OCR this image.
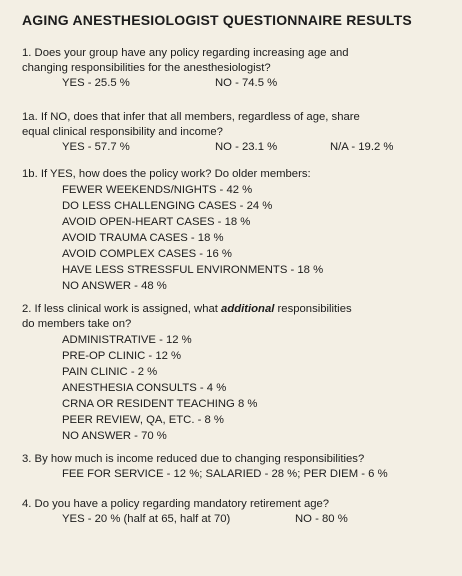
AGING ANESTHESIOLOGIST QUESTIONNAIRE RESULTS
1. Does your group have any policy regarding increasing age and
changing responsibilities for the anesthesiologist?
YES - 25.5 %	NO - 74.5 %
1a. If NO, does that infer that all members, regardless of age, share
equal clinical responsibility and income?
YES - 57.7 %	NO - 23.1 %	N/A - 19.2 %
1b. If YES, how does the policy work? Do older members:
FEWER WEEKENDS/NIGHTS - 42 %
DO LESS CHALLENGING CASES - 24 %
AVOID OPEN-HEART CASES - 18 %
AVOID TRAUMA CASES - 18 %
AVOID COMPLEX CASES - 16 %
HAVE LESS STRESSFUL ENVIRONMENTS - 18 %
NO ANSWER - 48 %
2. If less clinical work is assigned, what additional responsibilities
do members take on?
ADMINISTRATIVE - 12 %
PRE-OP CLINIC - 12 %
PAIN CLINIC - 2 %
ANESTHESIA CONSULTS - 4 %
CRNA OR RESIDENT TEACHING 8 %
PEER REVIEW, QA, ETC. - 8 %
NO ANSWER - 70 %
3. By how much is income reduced due to changing responsibilities?
FEE FOR SERVICE - 12 %; SALARIED - 28 %; PER DIEM - 6 %
4. Do you have a policy regarding mandatory retirement age?
YES - 20 % (half at 65, half at 70)	NO - 80 %
